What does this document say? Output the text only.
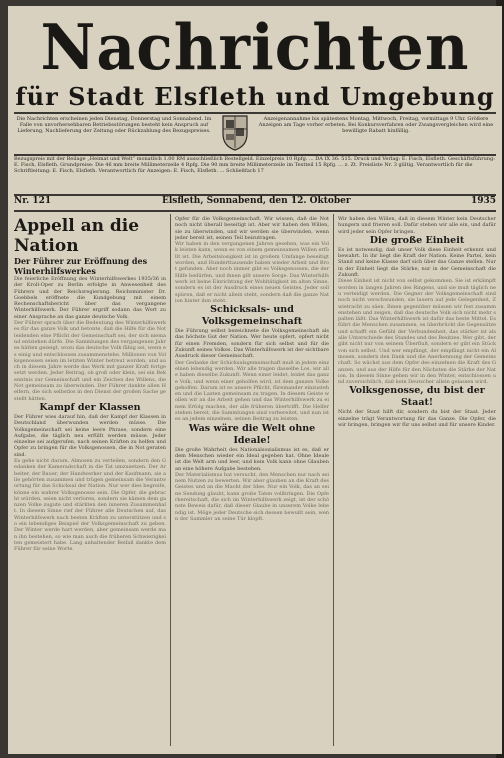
Nachrichten
für Stadt Elsfleth und Umgebung
Die Nachrichten erscheinen jeden Dienstag, Donnerstag und Sonnabend. Im Falle von unvorhersehbaren Betriebsstörungen besteht kein Anspruch auf Lieferung, Nachlieferung der Zeitung oder Rückzahlung des Bezugspreises.
Anzeigenannahme bis spätestens Montag, Mittwoch, Freitag, vormittags 9 Uhr. Größere Anzeigen am Tage vorher erbeten. Bei Konkursverfahren oder Zwangsvergleichen wird eine bewilligte Rabatt hinfällig.
Bezugspreis mit der Beilage „Heimat und Welt“ monatlich 1.00 RM ausschließlich Bestellgeld. Einzelpreis 10 Rpfg. ... DA IX 36: 515. Druck und Verlag: E. Fisch, Elsfleth. Geschäftsführung: E. Fisch, Elsfleth. Grundpreise: Die 46 mm breite Millimeterzeile 4 Rpfg. Die 90 mm breite Millimeterzeile im Textteil 15 Rpfg. ... z. Zt. Preisliste Nr. 3 gültig. Verantwortlich für die Schriftleitung: E. Fisch, Elsfleth. Verantwortlich für Anzeigen: E. Fisch, Elsfleth. ... Schließfach 17
Nr. 121	Elsfleth, Sonnabend, den 12. Oktober	1935

Appell an die Nation

Der Führer zur Eröffnung des Winterhilfswerkes

Die feierliche Eröffnung des Winterhilfswerkes 1935/36 in der Kroll-Oper zu Berlin erfolgte in Anwesenheit des Führers und der Reichsregierung. Reichsminister Dr. Goebbels eröffnete die Kundgebung mit einem Rechenschaftsbericht über das vergangene Winterhilfswerk. Der Führer ergriff sodann das Wort zu einer Ansprache an das ganze deutsche Volk.

Der Führer sprach über die Bedeutung des Winterhilfswerkes für das ganze Volk und betonte, daß die Hilfe für die Notleidenden eine Pflicht der Gemeinschaft sei, der sich niemand entziehen dürfe. Die Sammlungen des vergangenen Jahres hätten gezeigt, wozu das deutsche Volk fähig sei, wenn es einig und entschlossen zusammenstehe. Millionen von Volksgenossen seien im letzten Winter betreut worden, und auch in diesem Jahre werde das Werk mit ganzer Kraft fortgesetzt werden. Jeder Beitrag, ob groß oder klein, sei ein Bekenntnis zur Gemeinschaft und ein Zeichen des Willens, die Not gemeinsam zu überwinden. Der Führer dankte allen Helfern, die sich selbstlos in den Dienst der großen Sache gestellt hätten.

Kampf der Klassen

Der Führer wies darauf hin, daß der Kampf der Klassen in Deutschland überwunden werden müsse. Die Volksgemeinschaft sei keine leere Phrase, sondern eine Aufgabe, die täglich neu erfüllt werden müsse. Jeder einzelne sei aufgerufen, nach seinen Kräften zu helfen und Opfer zu bringen für die Volksgenossen, die in Not geraten sind.

Es gehe nicht darum, Almosen zu verteilen, sondern den Gedanken der Kameradschaft in die Tat umzusetzen. Der Arbeiter, der Bauer, der Handwerker und der Kaufmann, sie alle gehörten zusammen und trügen gemeinsam die Verantwortung für das Schicksal der Nation. Nur wer dies begreife, könne ein wahrer Volksgenosse sein. Die Opfer, die gebracht würden, seien nicht verloren, sondern sie kämen dem ganzen Volke zugute und stärkten den inneren Zusammenhalt. In diesem Sinne rief der Führer alle Deutschen auf, das Winterhilfswerk nach besten Kräften zu unterstützen und so ein lebendiges Beispiel der Volksgemeinschaft zu geben. Der Winter werde hart werden, aber gemeinsam werde man ihn bestehen, so wie man auch die früheren Schwierigkeiten gemeistert habe. Lang anhaltender Beifall dankte dem Führer für seine Worte.

Opfer für die Volksgemeinschaft. Wir wissen, daß die Not noch nicht überall beseitigt ist. Aber wir haben den Willen, sie zu überwinden, und wir werden sie überwinden, wenn jeder bereit ist, seinen Teil beizutragen.

Wir haben in den vergangenen Jahren gesehen, was ein Volk leisten kann, wenn es von einem gemeinsamen Willen erfüllt ist. Die Arbeitslosigkeit ist in großem Umfange beseitigt worden, und Hunderttausende haben wieder Arbeit und Brot gefunden. Aber noch immer gibt es Volksgenossen, die der Hilfe bedürfen, und ihnen gilt unsere Sorge. Das Winterhilfswerk ist keine Einrichtung der Wohltätigkeit im alten Sinne, sondern es ist der Ausdruck eines neuen Geistes. Jeder soll spüren, daß er nicht allein steht, sondern daß die ganze Nation hinter ihm steht.

Schicksals- und Volksgemeinschaft

Die Führung selbst bezeichnete die Volksgemeinschaft als das höchste Gut der Nation. Wer heute opfert, opfert nicht für einen Fremden, sondern für sich selbst und für die Zukunft seines Volkes. Das Winterhilfswerk ist der sichtbare Ausdruck dieser Gemeinschaft.

Der Gedanke der Schicksalsgemeinschaft muß in jedem einzelnen lebendig werden. Wir alle tragen dasselbe Los, wir alle haben dieselbe Zukunft. Wenn einer leidet, leidet das ganze Volk, und wenn einer geholfen wird, ist dem ganzen Volke geholfen. Darum ist es unsere Pflicht, füreinander einzustehen und die Lasten gemeinsam zu tragen. In diesem Geiste wollen wir an die Arbeit gehen und das Winterhilfswerk zu einem Erfolg machen, der alle früheren übertrifft. Die Helfer stehen bereit, die Sammlungen sind vorbereitet, und nun ist es an jedem einzelnen, seinen Beitrag zu leisten.

Was wäre die Welt ohne Ideale!

Die große Wahrheit des Nationalsozialismus ist es, daß er dem Menschen wieder ein Ideal gegeben hat. Ohne Ideale ist die Welt arm und leer, und kein Volk kann ohne Glauben an eine höhere Aufgabe bestehen.

Der Materialismus hat versucht, den Menschen nur nach seinem Nutzen zu bewerten. Wir aber glauben an die Kraft des Geistes und an die Macht der Idee. Nur ein Volk, das an seine Sendung glaubt, kann große Taten vollbringen. Die Opferbereitschaft, die sich im Winterhilfswerk zeigt, ist der schönste Beweis dafür, daß dieser Glaube in unserem Volke lebendig ist. Möge jeder Deutsche sich dessen bewußt sein, wenn der Sammler an seine Tür klopft.

Wir haben den Willen, daß in diesem Winter kein Deutscher hungern und frieren soll. Dafür stehen wir alle ein, und dafür wird jeder sein Opfer bringen.

Die große Einheit

Es ist notwendig, daß unser Volk diese Einheit erkennt und bewahrt. In ihr liegt die Kraft der Nation. Keine Partei, kein Stand und keine Klasse darf sich über das Ganze stellen. Nur in der Einheit liegt die Stärke, nur in der Gemeinschaft die Zukunft.

Diese Einheit ist nicht von selbst gekommen. Sie ist erkämpft worden in langen Jahren des Ringens, und sie muß täglich neu verteidigt werden. Die Gegner der Volksgemeinschaft sind noch nicht verschwunden, sie lauern auf jede Gelegenheit, Zwietracht zu säen. Ihnen gegenüber müssen wir fest zusammenstehen und zeigen, daß das deutsche Volk sich nicht mehr spalten läßt. Das Winterhilfswerk ist dafür das beste Mittel. Es führt die Menschen zusammen, es überbrückt die Gegensätze und schafft ein Gefühl der Verbundenheit, das stärker ist als alle Unterschiede des Standes und des Besitzes. Wer gibt, der gibt nicht nur von seinem Überfluß, sondern er gibt ein Stück von sich selbst. Und wer empfängt, der empfängt nicht ein Almosen, sondern den Dank und die Anerkennung der Gemeinschaft. So wächst aus dem Opfer des einzelnen die Kraft des Ganzen, und aus der Hilfe für den Nächsten die Stärke der Nation. In diesem Sinne gehen wir in den Winter, entschlossen und zuversichtlich, daß kein Deutscher allein gelassen wird.

Volksgenosse, du bist der Staat!

Nicht der Staat hilft dir, sondern du bist der Staat. Jeder einzelne trägt Verantwortung für das Ganze. Die Opfer, die wir bringen, bringen wir für uns selbst und für unsere Kinder.
